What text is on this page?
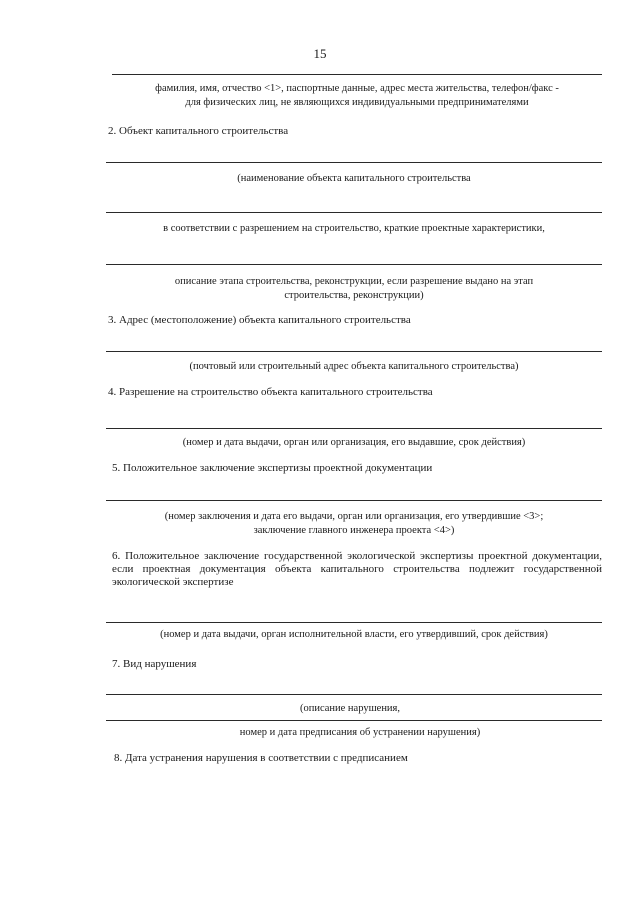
15
фамилия, имя, отчество <1>, паспортные данные, адрес места жительства, телефон/факс -
для физических лиц, не являющихся индивидуальными предпринимателями
2. Объект капитального строительства
(наименование объекта капитального строительства
в соответствии с разрешением на строительство, краткие проектные характеристики,
описание этапа строительства, реконструкции, если разрешение выдано на этап
строительства, реконструкции)
3. Адрес (местоположение) объекта капитального строительства
(почтовый или строительный адрес объекта капитального строительства)
4. Разрешение на строительство объекта капитального строительства
(номер и дата выдачи, орган или организация, его выдавшие, срок действия)
5. Положительное заключение экспертизы проектной документации
(номер заключения и дата его выдачи, орган или организация, его утвердившие <3>;
заключение главного инженера проекта <4>)
6. Положительное заключение государственной экологической экспертизы проектной документации, если проектная документация объекта капитального строительства подлежит государственной экологической экспертизе
(номер и дата выдачи, орган исполнительной власти, его утвердивший, срок действия)
7. Вид нарушения
(описание нарушения,
номер и дата предписания об устранении нарушения)
8. Дата устранения нарушения в соответствии с предписанием
